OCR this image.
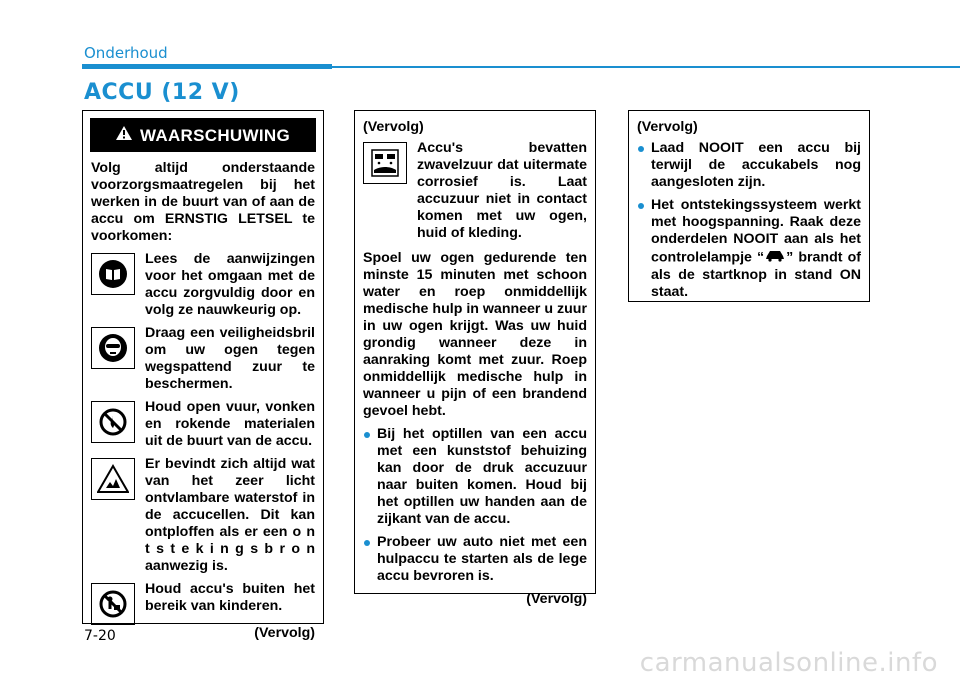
Onderhoud
ACCU (12 V)
WAARSCHUWING
Volg altijd onderstaande voorzorgsmaatregelen bij het werken in de buurt van of aan de accu om ERNSTIG LETSEL te voorkomen:
Lees de aanwijzingen voor het omgaan met de accu zorgvuldig door en volg ze nauwkeurig op.
Draag een veiligheidsbril om uw ogen tegen wegspattend zuur te beschermen.
Houd open vuur, vonken en rokende materialen uit de buurt van de accu.
Er bevindt zich altijd wat van het zeer licht ontvlambare waterstof in de accucellen. Dit kan ontploffen als er een o n t s t e k i n g s b r o n aanwezig is.
Houd accu's buiten het bereik van kinderen.
(Vervolg)
(Vervolg)
Accu's bevatten zwavelzuur dat uitermate corrosief is. Laat accuzuur niet in contact komen met uw ogen, huid of kleding.
Spoel uw ogen gedurende ten minste 15 minuten met schoon water en roep onmiddellijk medische hulp in wanneer u zuur in uw ogen krijgt. Was uw huid grondig wanneer deze in aanraking komt met zuur. Roep onmiddellijk medische hulp in wanneer u pijn of een brandend gevoel hebt.
Bij het optillen van een accu met een kunststof behuizing kan door de druk accuzuur naar buiten komen. Houd bij het optillen uw handen aan de zijkant van de accu.
Probeer uw auto niet met een hulpaccu te starten als de lege accu bevroren is.
(Vervolg)
(Vervolg)
Laad NOOIT een accu bij terwijl de accukabels nog aangesloten zijn.
Het ontstekingssysteem werkt met hoogspanning. Raak deze onderdelen NOOIT aan als het controlelampje “ ” brandt of als de startknop in stand ON staat.
7-20
carmanualsonline.info
